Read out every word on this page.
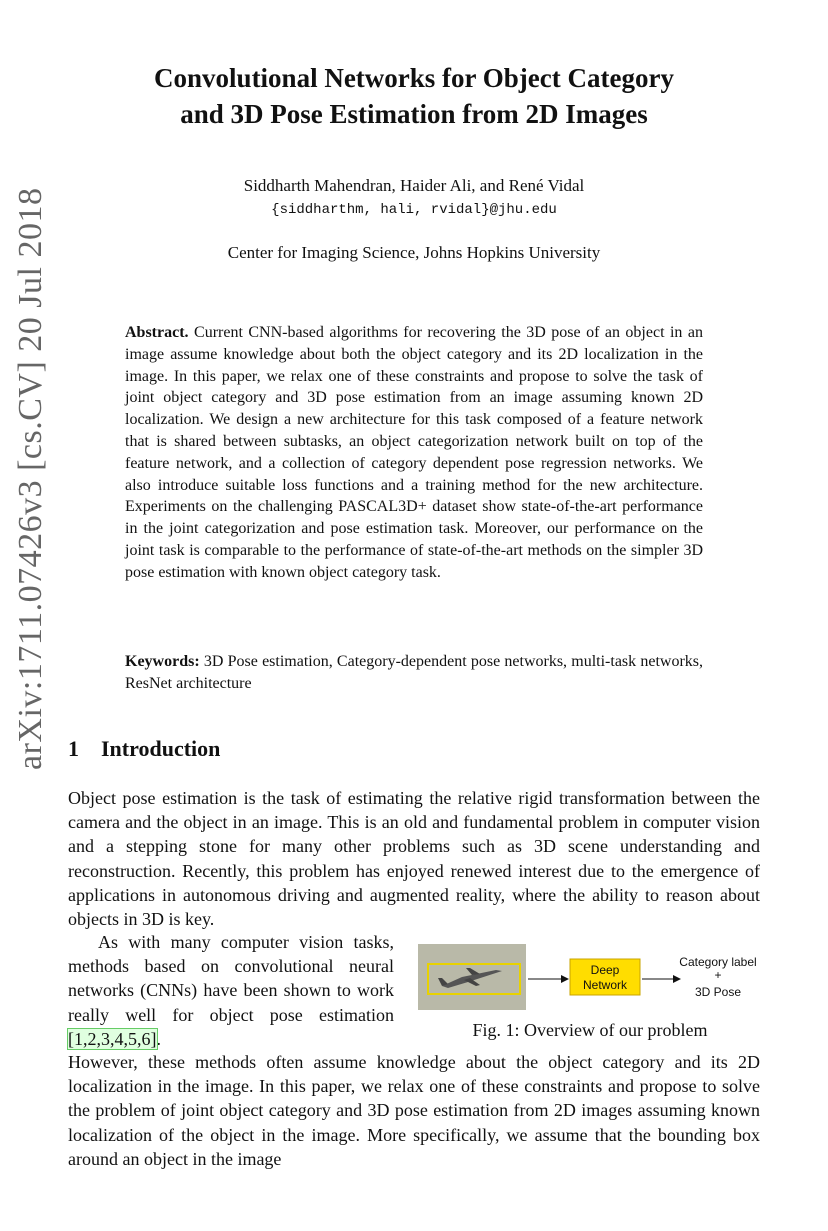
arXiv:1711.07426v3 [cs.CV] 20 Jul 2018
Convolutional Networks for Object Category
and 3D Pose Estimation from 2D Images
Siddharth Mahendran, Haider Ali, and René Vidal
{siddharthm, hali, rvidal}@jhu.edu
Center for Imaging Science, Johns Hopkins University
Abstract. Current CNN-based algorithms for recovering the 3D pose of an object in an image assume knowledge about both the object category and its 2D localization in the image. In this paper, we relax one of these constraints and propose to solve the task of joint object category and 3D pose estimation from an image assuming known 2D localization. We design a new architecture for this task composed of a feature network that is shared between subtasks, an object categorization network built on top of the feature network, and a collection of category dependent pose regression networks. We also introduce suitable loss functions and a training method for the new architecture. Experiments on the challenging PASCAL3D+ dataset show state-of-the-art performance in the joint categorization and pose estimation task. Moreover, our performance on the joint task is comparable to the performance of state-of-the-art methods on the simpler 3D pose estimation with known object category task.
Keywords: 3D Pose estimation, Category-dependent pose networks, multi-task networks, ResNet architecture
1 Introduction
Object pose estimation is the task of estimating the relative rigid transformation between the camera and the object in an image. This is an old and fundamental problem in computer vision and a stepping stone for many other problems such as 3D scene understanding and reconstruction. Recently, this problem has enjoyed renewed interest due to the emergence of applications in autonomous driving and augmented reality, where the ability to reason about objects in 3D is key.
As with many computer vision tasks, methods based on convolutional neural networks (CNNs) have been shown to work really well for object pose estimation [1,2,3,4,5,6].
Deep
Network
Category label
+
3D Pose
Fig. 1: Overview of our problem
However, these methods often assume knowledge about the object category and its 2D localization in the image. In this paper, we relax one of these constraints and propose to solve the problem of joint object category and 3D pose estimation from 2D images assuming known localization of the object in the image. More specifically, we assume that the bounding box around an object in the image
